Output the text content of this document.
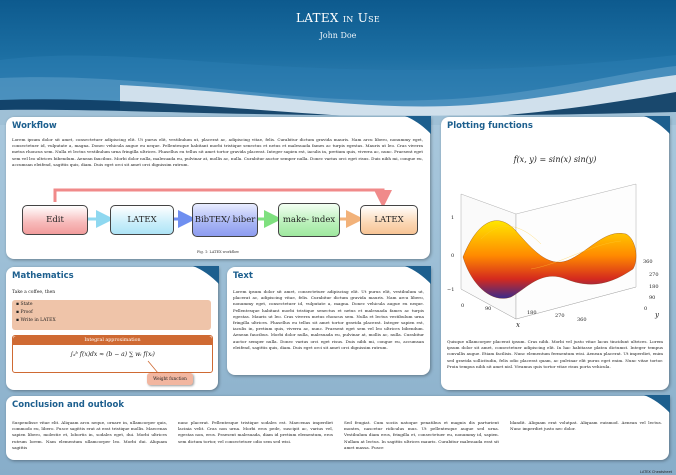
LATEX in Use
John Doe
Workflow
Lorem ipsum dolor sit amet, consectetuer adipiscing elit. Ut purus elit, vestibulum ut, placerat ac, adipiscing vitae, felis. Curabitur dictum gravida mauris. Nam arcu libero, nonummy eget, consectetuer id, vulputate a, magna. Donec vehicula augue eu neque. Pellentesque habitant morbi tristique senectus et netus et malesuada fames ac turpis egestas. Mauris ut leo. Cras viverra metus rhoncus sem. Nulla et lectus vestibulum urna fringilla ultrices. Phasellus eu tellus sit amet tortor gravida placerat. Integer sapien est, iaculis in, pretium quis, viverra ac, nunc. Praesent eget sem vel leo ultrices bibendum. Aenean faucibus. Morbi dolor nulla, malesuada eu, pulvinar at, mollis ac, nulla. Curabitur auctor semper nulla. Donec varius orci eget risus. Duis nibh mi, congue eu, accumsan eleifend, sagittis quis, diam. Duis eget orci sit amet orci dignissim rutrum.
Edit	LATEX	BibTEX/ biber	make- index	LATEX
Fig. 1: LATEX workflow
Plotting functions
f(x, y) = sin(x) sin(y)
1
0
−1
0	90
180	270
360
x
0
90
180
270
360
y
Quisque ullamcorper placerat ipsum. Cras nibh. Morbi vel justo vitae lacus tincidunt ultrices. Lorem ipsum dolor sit amet, consectetuer adipiscing elit. In hac habitasse platea dictumst. Integer tempus convallis augue. Etiam facilisis. Nunc elementum fermentum wisi. Aenean placerat. Ut imperdiet, enim sed gravida sollicitudin, felis odio placerat quam, ac pulvinar elit purus eget enim. Nunc vitae tortor. Proin tempus nibh sit amet nisl. Vivamus quis tortor vitae risus porta vehicula.
Mathematics
Take a coffee, then
▪ State
▪ Proof
▪ Write in LATEX
Integral approximation
∫ₐᵇ f(x)dx ≈ (b − a) ∑ wᵢ f(xᵢ)
Weight function
Text
Lorem ipsum dolor sit amet, consectetuer adipiscing elit. Ut purus elit, vestibulum ut, placerat ac, adipiscing vitae, felis. Curabitur dictum gravida mauris. Nam arcu libero, nonummy eget, consectetuer id, vulputate a, magna. Donec vehicula augue eu neque. Pellentesque habitant morbi tristique senectus et netus et malesuada fames ac turpis egestas. Mauris ut leo. Cras viverra metus rhoncus sem. Nulla et lectus vestibulum urna fringilla ultrices. Phasellus eu tellus sit amet tortor gravida placerat. Integer sapien est, iaculis in, pretium quis, viverra ac, nunc. Praesent eget sem vel leo ultrices bibendum. Aenean faucibus. Morbi dolor nulla, malesuada eu, pulvinar at, mollis ac, nulla. Curabitur auctor semper nulla. Donec varius orci eget risus. Duis nibh mi, congue eu, accumsan eleifend, sagittis quis, diam. Duis eget orci sit amet orci dignissim rutrum.
Conclusion and outlook
Suspendisse vitae elit. Aliquam arcu neque, ornare in, ullamcorper quis, commodo eu, libero. Fusce sagittis erat at erat tristique mollis. Maecenas sapien libero, molestie et, lobortis in, sodales eget, dui. Morbi ultrices rutrum lorem. Nam elementum ullamcorper leo. Morbi dui. Aliquam sagittis
nunc placerat. Pellentesque tristique sodales est. Maecenas imperdiet lacinia velit. Cras non urna. Morbi eros pede, suscipit ac, varius vel, egestas non, eros. Praesent malesuada, diam id pretium elementum, eros sem dictum tortor, vel consectetuer odio sem sed wisi.
Sed feugiat. Cum sociis natoque penatibus et magnis dis parturient montes, nascetur ridiculus mus. Ut pellentesque augue sed urna. Vestibulum diam eros, fringilla et, consectetuer eu, nonummy id, sapien. Nullam at lectus. In sagittis ultrices mauris. Curabitur malesuada erat sit amet massa. Fusce
blandit. Aliquam erat volutpat. Aliquam euismod. Aenean vel lectus. Nunc imperdiet justo nec dolor.
LATEX Cheatsheet
